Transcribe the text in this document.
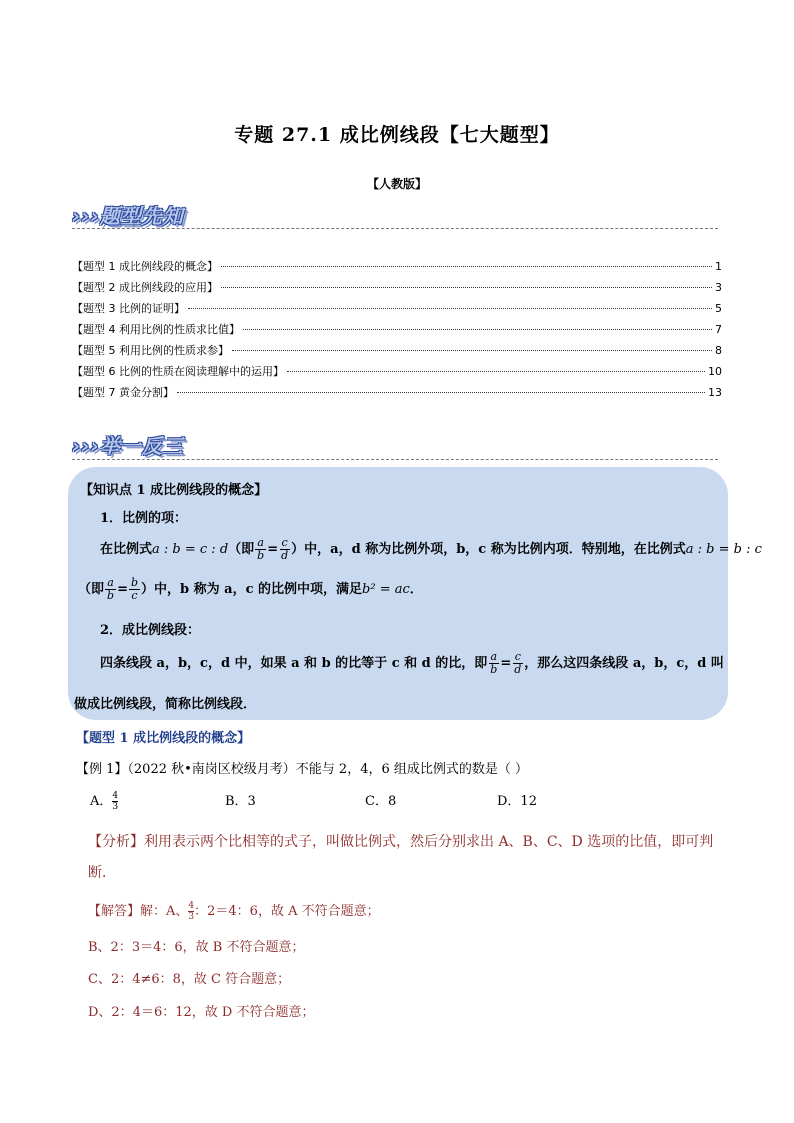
专题 27.1 成比例线段【七大题型】
【人教版】
›››题型先知
【题型 1 成比例线段的概念】	1
【题型 2 成比例线段的应用】	3
【题型 3 比例的证明】	5
【题型 4 利用比例的性质求比值】	7
【题型 5 利用比例的性质求参】	8
【题型 6 比例的性质在阅读理解中的运用】	10
【题型 7 黄金分割】	13
›››举一反三
【知识点 1 成比例线段的概念】
1．比例的项：
在比例式a : b = c : d（即 $\frac{a}{b} = \frac{c}{d}$ ）中，a，d 称为比例外项，b，c 称为比例内项．特别地，在比例式a : b = b : c
（即 $\frac{a}{b} = \frac{b}{c}$ ）中，b 称为 a，c 的比例中项，满足b² = ac．
2．成比例线段：
四条线段 a，b，c，d 中，如果 a 和 b 的比等于 c 和 d 的比，即 $\frac{a}{b} = \frac{c}{d}$ ，那么这四条线段 a，b，c，d 叫
做成比例线段，简称比例线段．
【题型 1 成比例线段的概念】
【例 1】（2022 秋•南岗区校级月考）不能与 2，4，6 组成比例式的数是（ ）
A． $\frac{4}{3}$	B．3	C．8	D．12
【分析】利用表示两个比相等的式子，叫做比例式，然后分别求出 A、B、C、D 选项的比值，即可判断．
【解答】解：A、 $\frac{4}{3}$ ：2＝4：6，故 A 不符合题意；
B、2：3＝4：6，故 B 不符合题意；
C、2：4≠6：8，故 C 符合题意；
D、2：4＝6：12，故 D 不符合题意；
